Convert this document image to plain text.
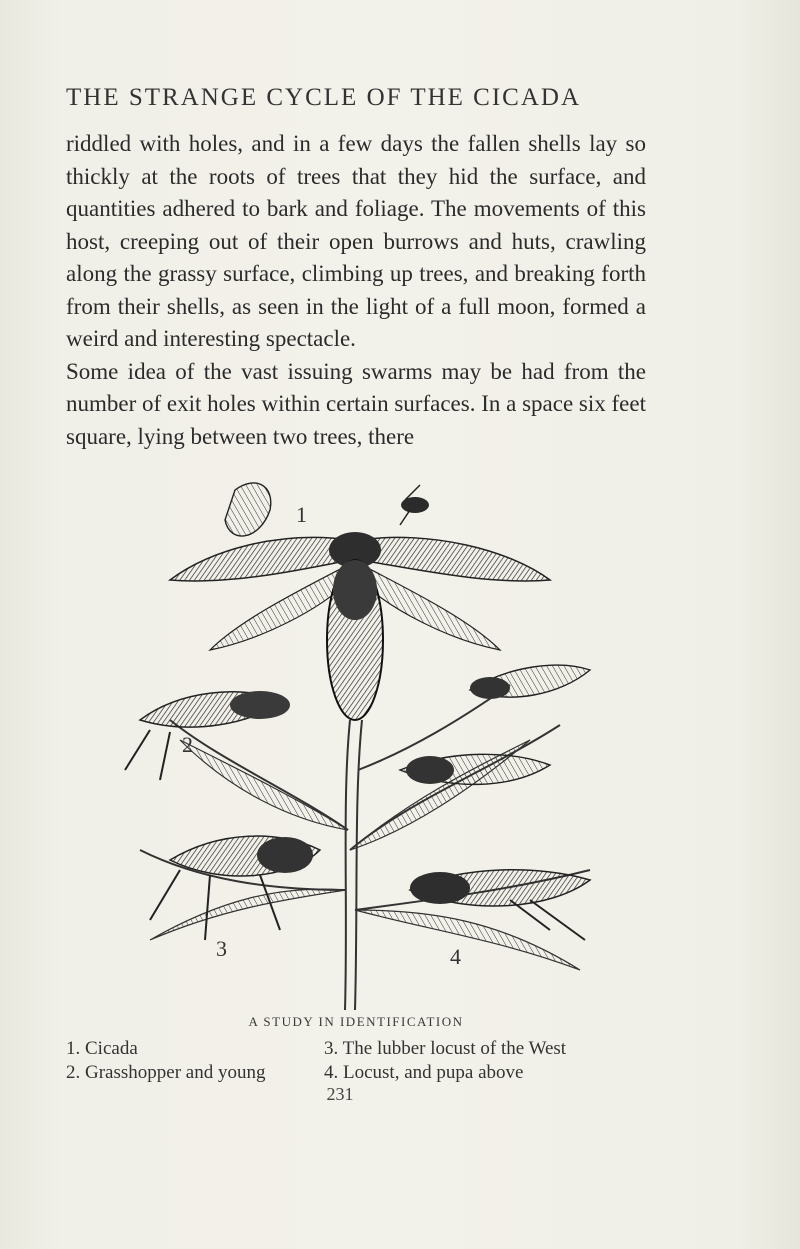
THE STRANGE CYCLE OF THE CICADA

riddled with holes, and in a few days the fallen shells lay so thickly at the roots of trees that they hid the surface, and quantities adhered to bark and foliage. The movements of this host, creeping out of their open burrows and huts, crawling along the grassy surface, climbing up trees, and breaking forth from their shells, as seen in the light of a full moon, formed a weird and interesting spectacle.

Some idea of the vast issuing swarms may be had from the number of exit holes within certain surfaces. In a space six feet square, lying between two trees, there

1
2
3	4
A STUDY IN IDENTIFICATION
1. Cicada	3. The lubber locust of the West
2. Grasshopper and young	4. Locust, and pupa above
231
